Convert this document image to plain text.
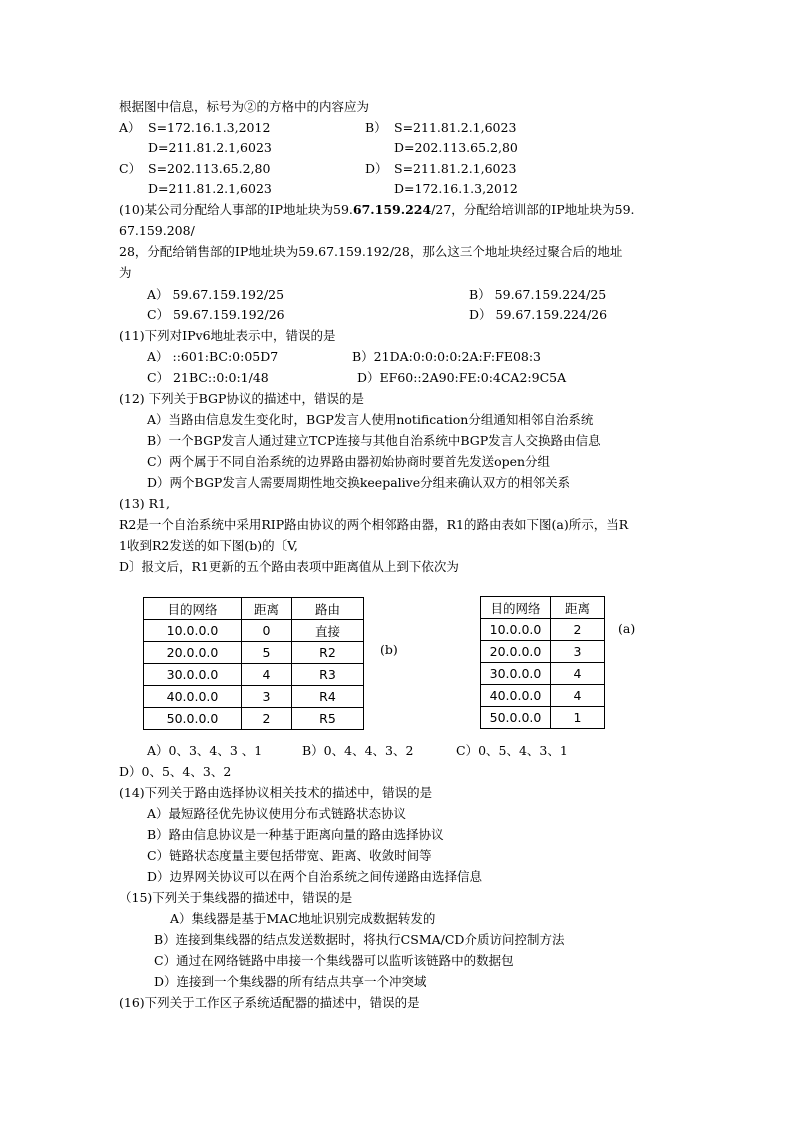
根据图中信息，标号为②的方格中的内容应为
A） S=172.16.1.3,2012
D=211.81.2.1,6023
B） S=211.81.2.1,6023
D=202.113.65.2,80
C） S=202.113.65.2,80
D=211.81.2.1,6023
D） S=211.81.2.1,6023
D=172.16.1.3,2012
(10)某公司分配给人事部的IP地址块为59.67.159.224/27，分配给培训部的IP地址块为59.
67.159.208/
28，分配给销售部的IP地址块为59.67.159.192/28，那么这三个地址块经过聚合后的地址
为
A） 59.67.159.192/25	B） 59.67.159.224/25
C） 59.67.159.192/26	D） 59.67.159.224/26
(11)下列对IPv6地址表示中，错误的是
A） ::601:BC:0:05D7	B）21DA:0:0:0:0:2A:F:FE08:3
C） 21BC::0:0:1/48	D）EF60::2A90:FE:0:4CA2:9C5A
(12) 下列关于BGP协议的描述中，错误的是
A）当路由信息发生变化时，BGP发言人使用notification分组通知相邻自治系统
B）一个BGP发言人通过建立TCP连接与其他自治系统中BGP发言人交换路由信息
C）两个属于不同自治系统的边界路由器初始协商时要首先发送open分组
D）两个BGP发言人需要周期性地交换keepalive分组来确认双方的相邻关系
(13) R1,
R2是一个自治系统中采用RIP路由协议的两个相邻路由器，R1的路由表如下图(a)所示，当R
1收到R2发送的如下图(b)的〔V,
D〕报文后，R1更新的五个路由表项中距离值从上到下依次为
目的网络	距离	路由
10.0.0.0	0	直接
20.0.0.0	5	R2
30.0.0.0	4	R3
40.0.0.0	3	R4
50.0.0.0	2	R5
(b)
目的网络	距离
10.0.0.0	2
20.0.0.0	3
30.0.0.0	4
40.0.0.0	4
50.0.0.0	1
(a)
A）0、3、4、3 、1	B）0、4、4、3、2	C）0、5、4、3、1
D）0、5、4、3、2
(14)下列关于路由选择协议相关技术的描述中，错误的是
A）最短路径优先协议使用分布式链路状态协议
B）路由信息协议是一种基于距离向量的路由选择协议
C）链路状态度量主要包括带宽、距离、收敛时间等
D）边界网关协议可以在两个自治系统之间传递路由选择信息
（15)下列关于集线器的描述中，错误的是
A）集线器是基于MAC地址识别完成数据转发的
B）连接到集线器的结点发送数据时，将执行CSMA/CD介质访问控制方法
C）通过在网络链路中串接一个集线器可以监听该链路中的数据包
D）连接到一个集线器的所有结点共享一个冲突域
(16)下列关于工作区子系统适配器的描述中，错误的是
